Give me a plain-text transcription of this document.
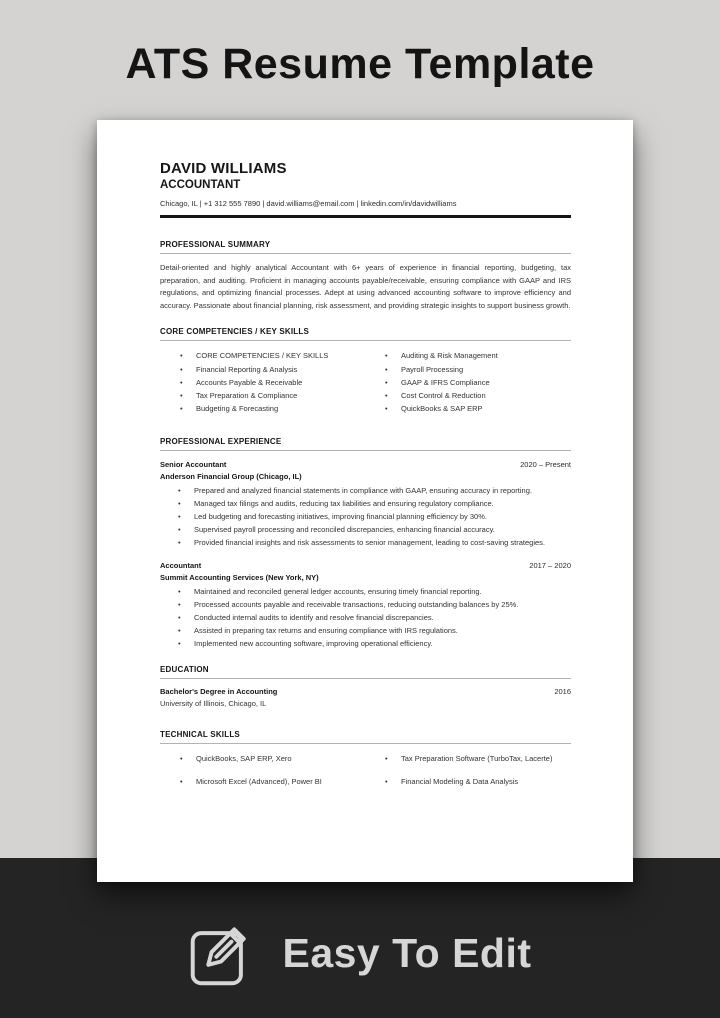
ATS Resume Template
Easy To Edit
DAVID WILLIAMS
ACCOUNTANT
Chicago, IL | +1 312 555 7890 | david.williams@email.com | linkedin.com/in/davidwilliams
PROFESSIONAL SUMMARY

Detail-oriented and highly analytical Accountant with 6+ years of experience in financial reporting, budgeting, tax preparation, and auditing. Proficient in managing accounts payable/receivable, ensuring compliance with GAAP and IRS regulations, and optimizing financial processes. Adept at using advanced accounting software to improve efficiency and accuracy. Passionate about financial planning, risk assessment, and providing strategic insights to support business growth.

CORE COMPETENCIES / KEY SKILLS
•	CORE COMPETENCIES / KEY SKILLS
•	Financial Reporting & Analysis
•	Accounts Payable & Receivable
•	Tax Preparation & Compliance
•	Budgeting & Forecasting
•	Auditing & Risk Management
•	Payroll Processing
•	GAAP & IFRS Compliance
•	Cost Control & Reduction
•	QuickBooks & SAP ERP
PROFESSIONAL EXPERIENCE
Senior Accountant	2020 – Present
Anderson Financial Group (Chicago, IL)
•	Prepared and analyzed financial statements in compliance with GAAP, ensuring accuracy in reporting.
•	Managed tax filings and audits, reducing tax liabilities and ensuring regulatory compliance.
•	Led budgeting and forecasting initiatives, improving financial planning efficiency by 30%.
•	Supervised payroll processing and reconciled discrepancies, enhancing financial accuracy.
•	Provided financial insights and risk assessments to senior management, leading to cost-saving strategies.
Accountant	2017 – 2020
Summit Accounting Services (New York, NY)
•	Maintained and reconciled general ledger accounts, ensuring timely financial reporting.
•	Processed accounts payable and receivable transactions, reducing outstanding balances by 25%.
•	Conducted internal audits to identify and resolve financial discrepancies.
•	Assisted in preparing tax returns and ensuring compliance with IRS regulations.
•	Implemented new accounting software, improving operational efficiency.
EDUCATION
Bachelor's Degree in Accounting	2016
University of Illinois, Chicago, IL
TECHNICAL SKILLS
•	QuickBooks, SAP ERP, Xero
•	Microsoft Excel (Advanced), Power BI
•	Tax Preparation Software (TurboTax, Lacerte)
•	Financial Modeling & Data Analysis
